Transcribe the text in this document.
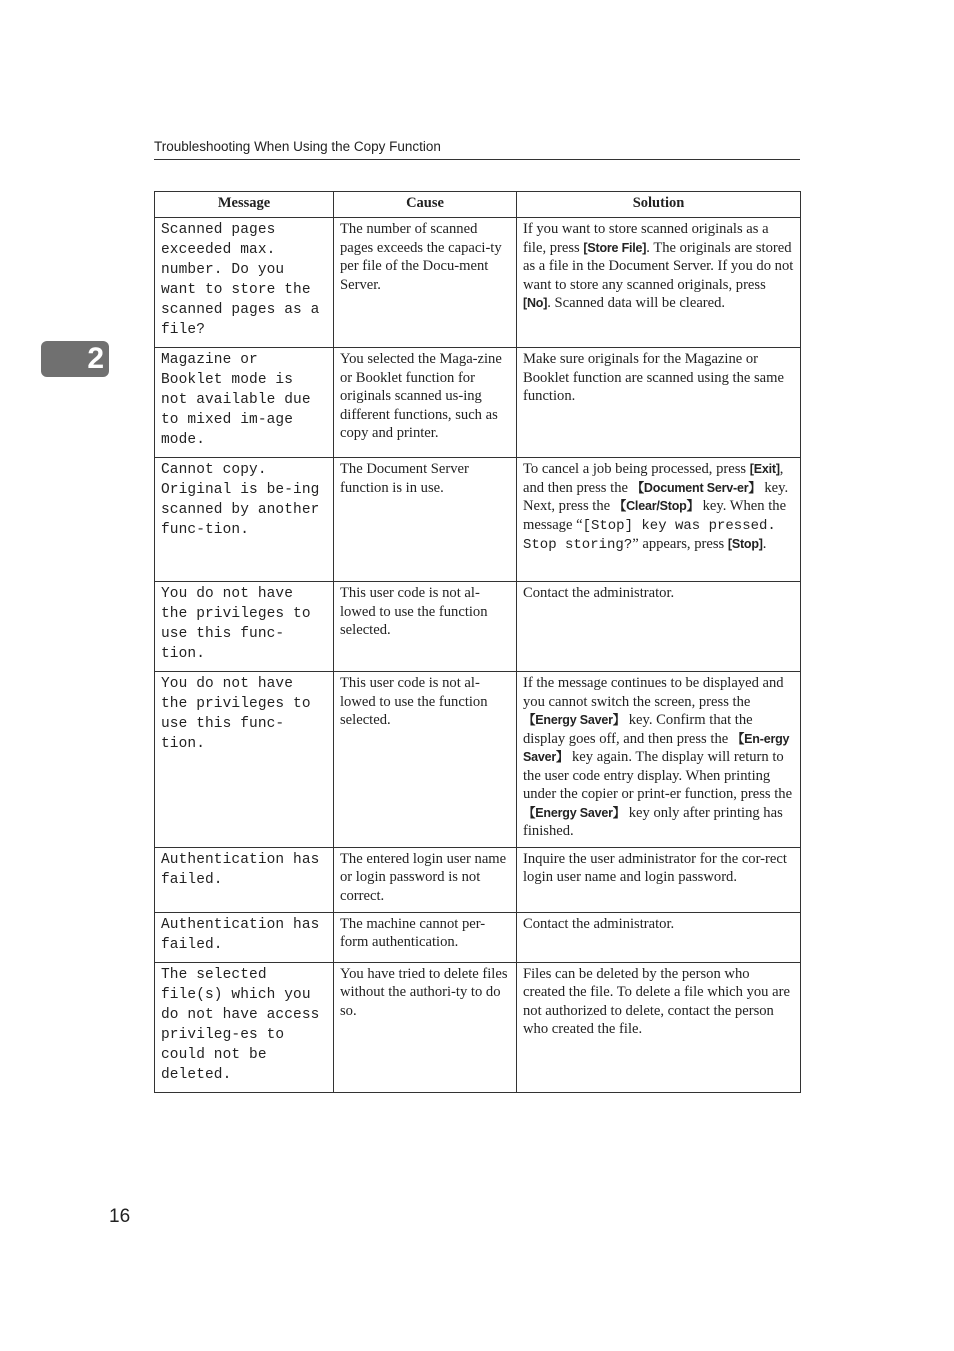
Troubleshooting When Using the Copy Function
2
Message	Cause	Solution
Scanned pages exceeded max. number. Do you want to store the scanned pages as a file?	The number of scanned pages exceeds the capaci-ty per file of the Docu-ment Server.	If you want to store scanned originals as a file, press [Store File]. The originals are stored as a file in the Document Server. If you do not want to store any scanned originals, press [No]. Scanned data will be cleared.
Magazine or Booklet mode is not available due to mixed im-age mode.	You selected the Maga-zine or Booklet function for originals scanned us-ing different functions, such as copy and printer.	Make sure originals for the Magazine or Booklet function are scanned using the same function.
Cannot copy. Original is be-ing scanned by another func-tion.	The Document Server function is in use.	To cancel a job being processed, press [Exit], and then press the 【Document Serv-er】 key. Next, press the 【Clear/Stop】 key. When the message “[Stop] key was pressed. Stop storing?” appears, press [Stop].
You do not have the privileges to use this func-tion.	This user code is not al-lowed to use the function selected.	Contact the administrator.
You do not have the privileges to use this func-tion.	This user code is not al-lowed to use the function selected.	If the message continues to be displayed and you cannot switch the screen, press the 【Energy Saver】 key. Confirm that the display goes off, and then press the 【En-ergy Saver】 key again. The display will return to the user code entry display. When printing under the copier or print-er function, press the 【Energy Saver】 key only after printing has finished.
Authentication has failed.	The entered login user name or login password is not correct.	Inquire the user administrator for the cor-rect login user name and login password.
Authentication has failed.	The machine cannot per-form authentication.	Contact the administrator.
The selected file(s) which you do not have access privileg-es to could not be deleted.	You have tried to delete files without the authori-ty to do so.	Files can be deleted by the person who created the file. To delete a file which you are not authorized to delete, contact the person who created the file.
16
